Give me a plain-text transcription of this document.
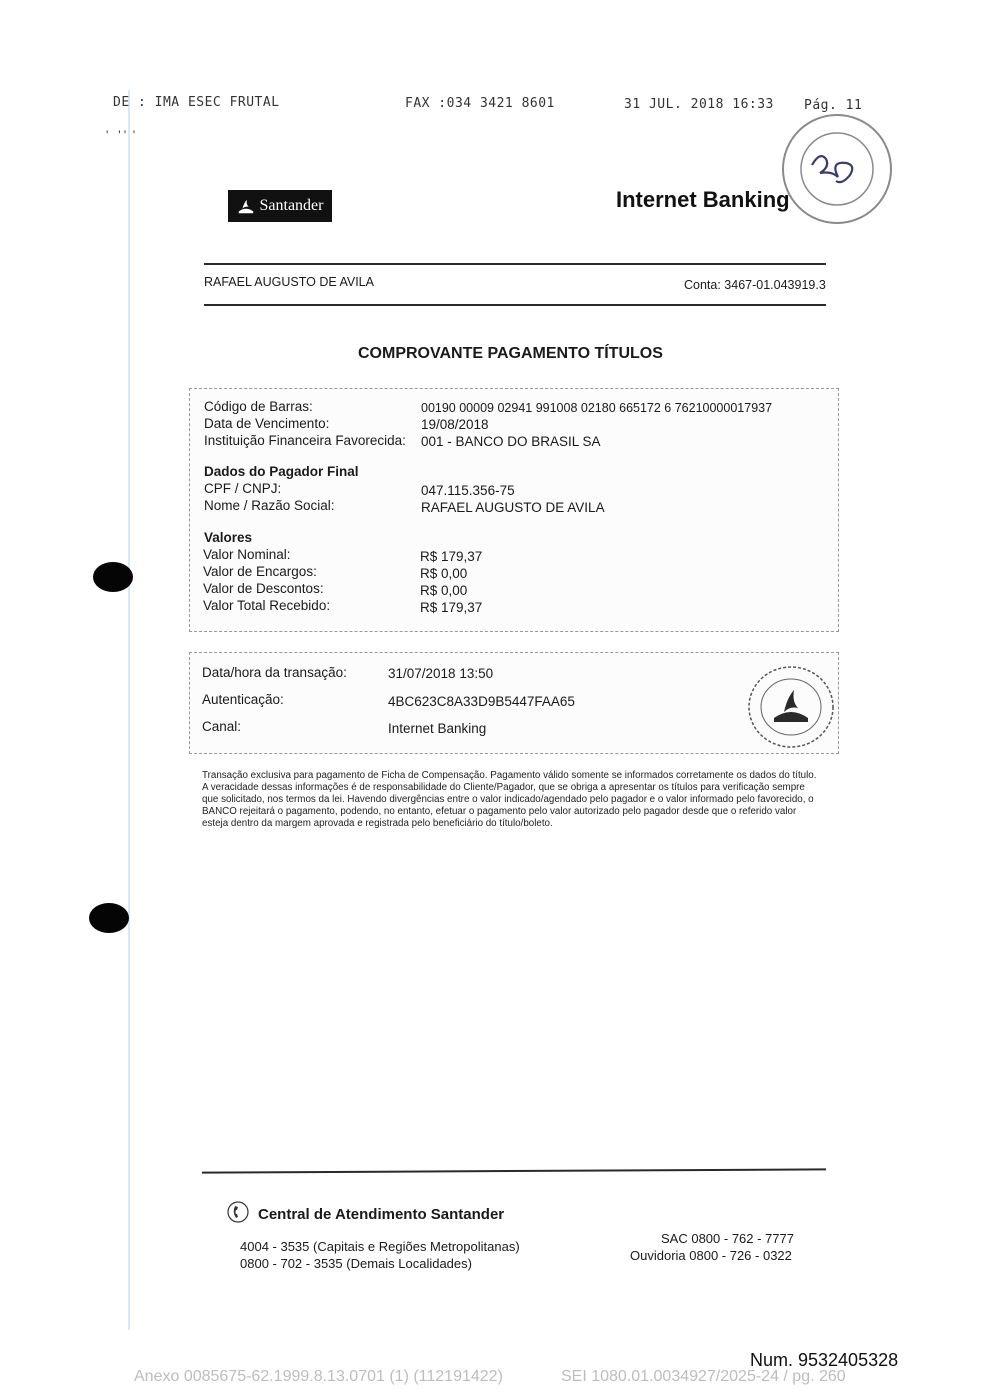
DE : IMA ESEC FRUTAL	FAX :034 3421 8601	31 JUL. 2018 16:33 Pág. 11
'   ' '  '
Santander	Internet Banking
RAFAEL AUGUSTO DE AVILA	Conta: 3467-01.043919.3
COMPROVANTE PAGAMENTO TÍTULOS
Código de Barras:	00190 00009 02941 991008 02180 665172 6 76210000017937
Data de Vencimento:	19/08/2018
Instituição Financeira Favorecida: 001 - BANCO DO BRASIL SA
Dados do Pagador Final
CPF / CNPJ:	047.115.356-75
Nome / Razão Social:	RAFAEL AUGUSTO DE AVILA
Valores
Valor Nominal:	R$ 179,37
Valor de Encargos:	R$ 0,00
Valor de Descontos:	R$ 0,00
Valor Total Recebido:	R$ 179,37
Data/hora da transação:	31/07/2018 13:50
Autenticação:	4BC623C8A33D9B5447FAA65
Canal:	Internet Banking
Transação exclusiva para pagamento de Ficha de Compensação. Pagamento válido somente se informados corretamente os dados do título. A veracidade dessas informações é de responsabilidade do Cliente/Pagador, que se obriga a apresentar os títulos para verificação sempre que solicitado, nos termos da lei. Havendo divergências entre o valor indicado/agendado pelo pagador e o valor informado pelo favorecido, o BANCO rejeitará o pagamento, podendo, no entanto, efetuar o pagamento pelo valor autorizado pelo pagador desde que o referido valor esteja dentro da margem aprovada e registrada pelo beneficiário do título/boleto.
Central de Atendimento Santander
4004 - 3535 (Capitais e Regiões Metropolitanas)
0800 - 702 - 3535 (Demais Localidades)
SAC 0800 - 762 - 7777
Ouvidoria 0800 - 726 - 0322
Num. 9532405328
Anexo 0085675-62.1999.8.13.0701 (1) (112191422)	SEI 1080.01.0034927/2025-24 / pg. 260
